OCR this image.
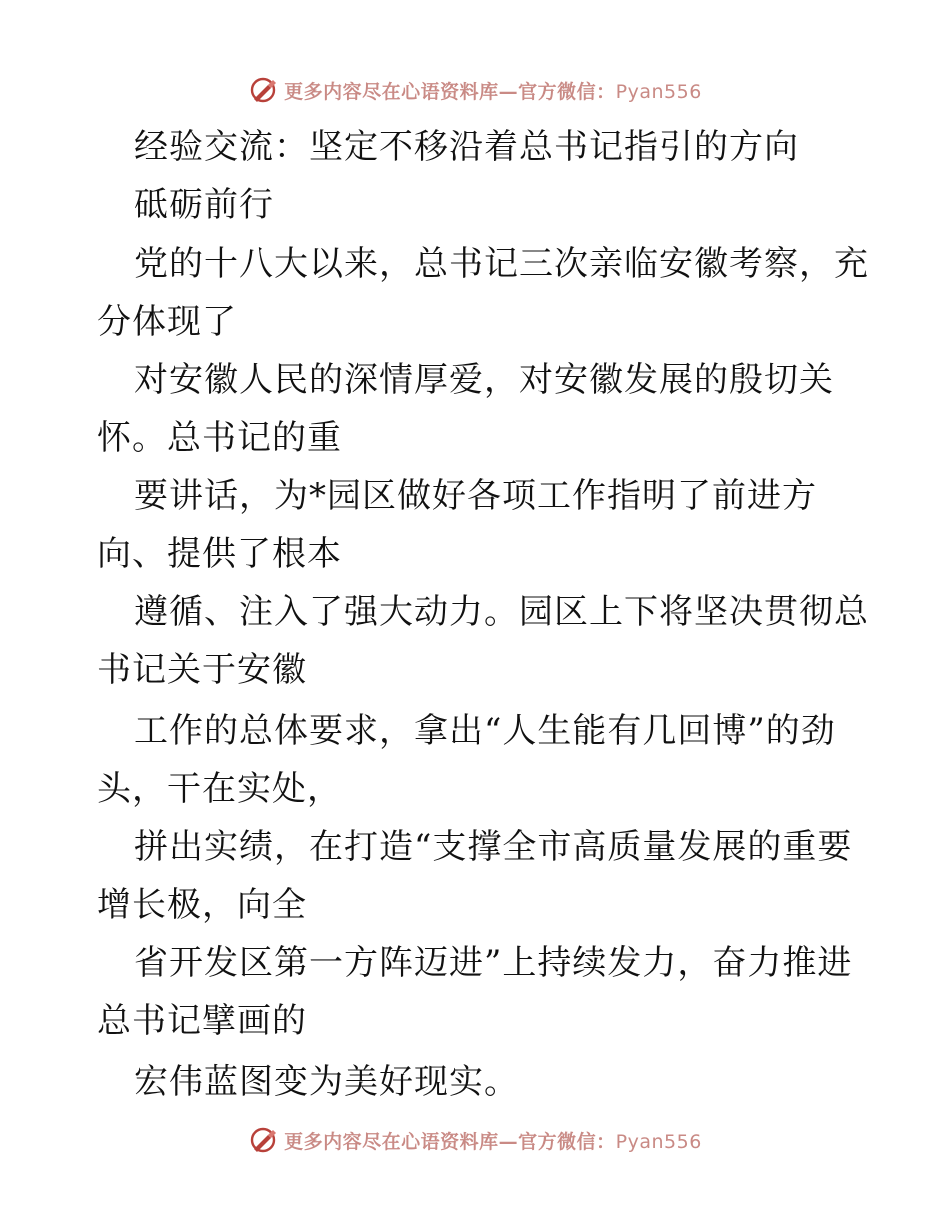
更多内容尽在心语资料库—官方微信：Pyan556
经验交流：坚定不移沿着总书记指引的方向
砥砺前行
党的十八大以来，总书记三次亲临安徽考察，充
分体现了
对安徽人民的深情厚爱，对安徽发展的殷切关
怀。总书记的重
要讲话，为*园区做好各项工作指明了前进方
向、提供了根本
遵循、注入了强大动力。园区上下将坚决贯彻总
书记关于安徽
工作的总体要求，拿出“人生能有几回博”的劲
头，干在实处，
拼出实绩，在打造“支撑全市高质量发展的重要
增长极，向全
省开发区第一方阵迈进”上持续发力，奋力推进
总书记擘画的
宏伟蓝图变为美好现实。
更多内容尽在心语资料库—官方微信：Pyan556
